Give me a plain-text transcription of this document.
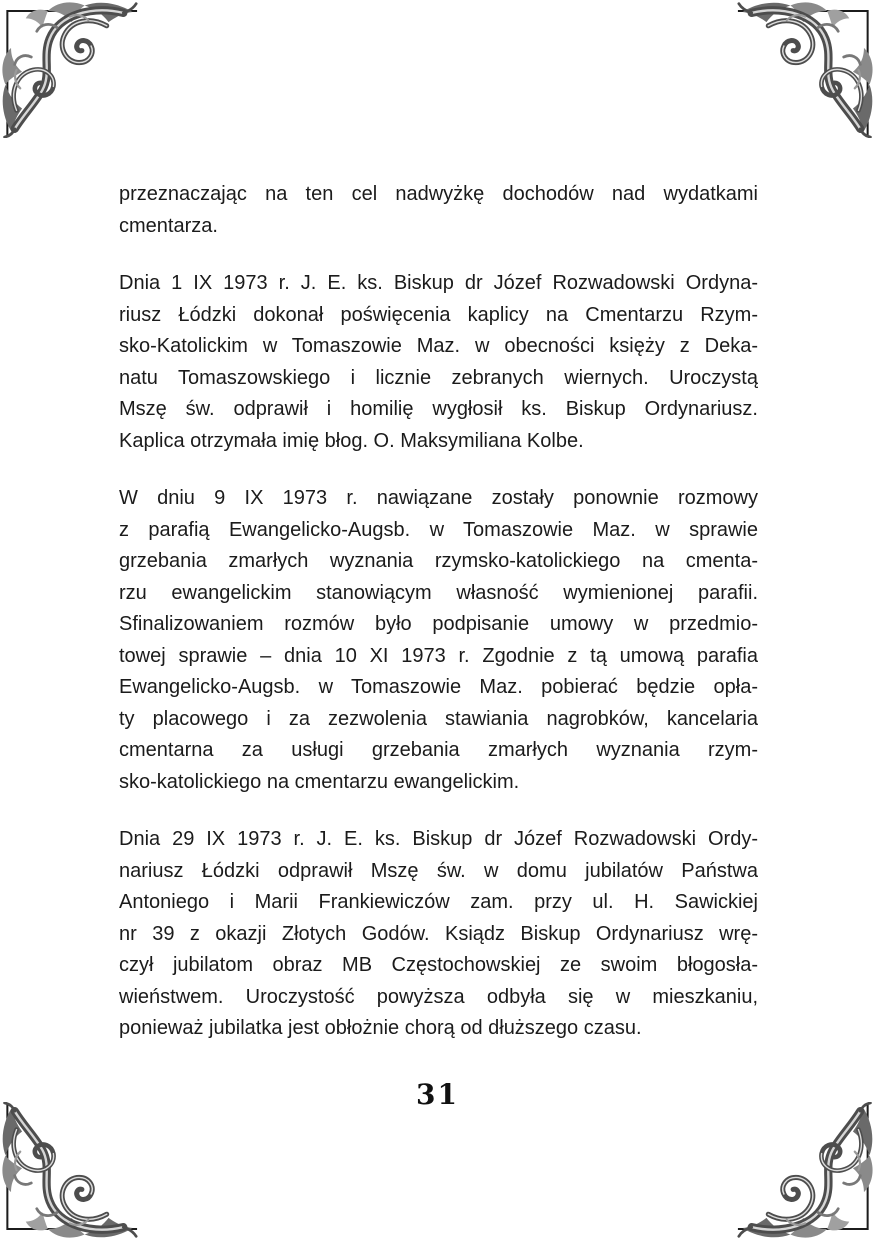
przeznaczając na ten cel nadwyżkę dochodów nad wydatkami
cmentarza.

Dnia 1 IX 1973 r. J. E. ks. Biskup dr Józef Rozwadowski Ordyna-
riusz Łódzki dokonał poświęcenia kaplicy na Cmentarzu Rzym-
sko-Katolickim w Tomaszowie Maz. w obecności księży z Deka-
natu Tomaszowskiego i licznie zebranych wiernych. Uroczystą
Mszę św. odprawił i homilię wygłosił ks. Biskup Ordynariusz.
Kaplica otrzymała imię błog. O. Maksymiliana Kolbe.

W dniu 9 IX 1973 r. nawiązane zostały ponownie rozmowy
z parafią Ewangelicko-Augsb. w Tomaszowie Maz. w sprawie
grzebania zmarłych wyznania rzymsko-katolickiego na cmenta-
rzu ewangelickim stanowiącym własność wymienionej parafii.
Sfinalizowaniem rozmów było podpisanie umowy w przedmio-
towej sprawie – dnia 10 XI 1973 r. Zgodnie z tą umową parafia
Ewangelicko-Augsb. w Tomaszowie Maz. pobierać będzie opła-
ty placowego i za zezwolenia stawiania nagrobków, kancelaria
cmentarna za usługi grzebania zmarłych wyznania rzym-
sko-katolickiego na cmentarzu ewangelickim.

Dnia 29 IX 1973 r. J. E. ks. Biskup dr Józef Rozwadowski Ordy-
nariusz Łódzki odprawił Mszę św. w domu jubilatów Państwa
Antoniego i Marii Frankiewiczów zam. przy ul. H. Sawickiej
nr 39 z okazji Złotych Godów. Ksiądz Biskup Ordynariusz wrę-
czył jubilatom obraz MB Częstochowskiej ze swoim błogosła-
wieństwem. Uroczystość powyższa odbyła się w mieszkaniu,
ponieważ jubilatka jest obłożnie chorą od dłuższego czasu.

31
